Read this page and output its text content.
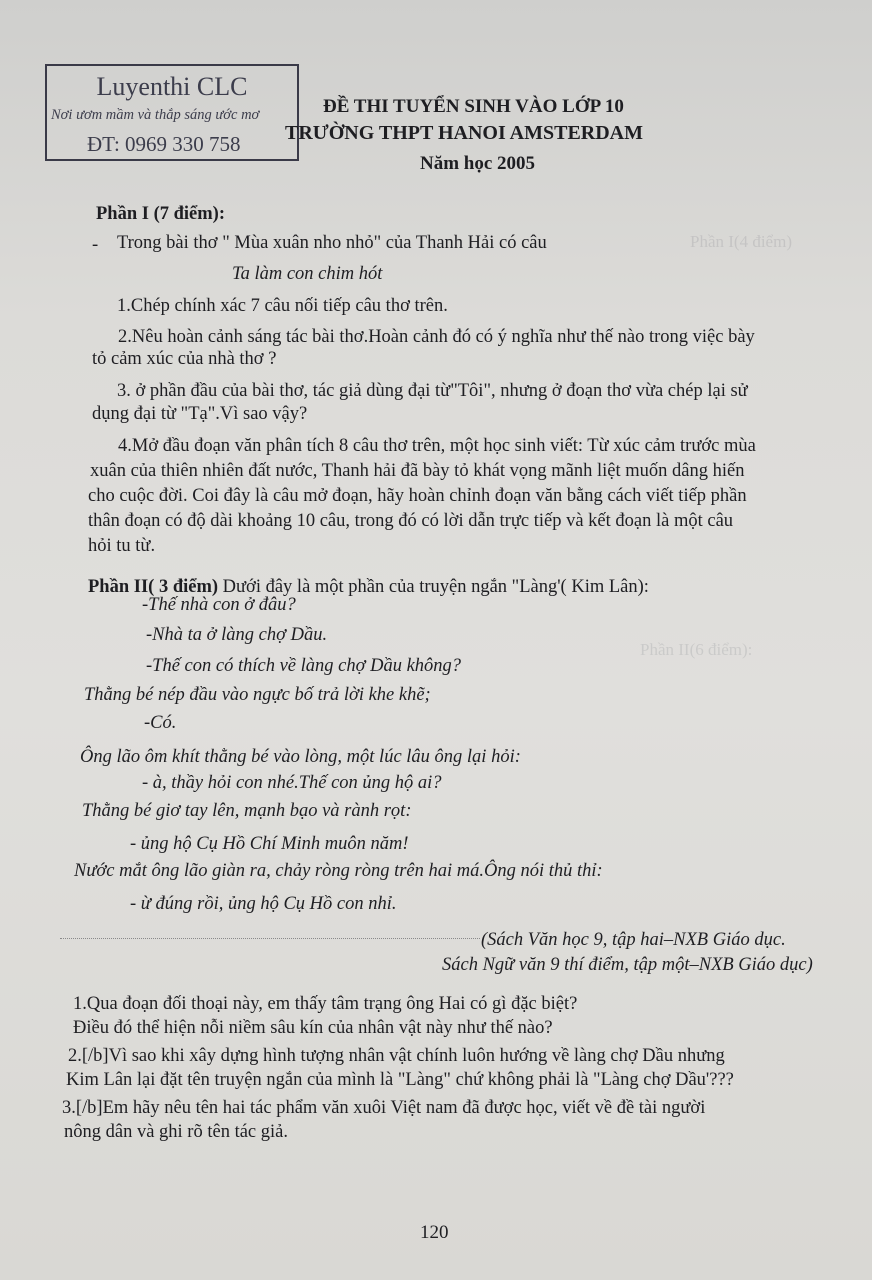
Phần I(4 điểm)
Phần II(6 điểm):
Luyenthi CLC
Nơi ươm mầm và thắp sáng ước mơ
ĐT: 0969 330 758
ĐỀ THI TUYỂN SINH VÀO LỚP 10
TRƯỜNG THPT HANOI AMSTERDAM
Năm học 2005
Phần I (7 điểm):
- Trong bài thơ " Mùa xuân nho nhỏ" của Thanh Hải có câu
Ta làm con chim hót
1.Chép chính xác 7 câu nối tiếp câu thơ trên.
2.Nêu hoàn cảnh sáng tác bài thơ.Hoàn cảnh đó có ý nghĩa như thế nào trong việc bày
tỏ cảm xúc của nhà thơ ?
3. ở phần đầu của bài thơ, tác giả dùng đại từ"Tôi", nhưng ở đoạn thơ vừa chép lại sử
dụng đại từ "Tạ".Vì sao vậy?
4.Mở đầu đoạn văn phân tích 8 câu thơ trên, một học sinh viết: Từ xúc cảm trước mùa
xuân của thiên nhiên đất nước, Thanh hải đã bày tỏ khát vọng mãnh liệt muốn dâng hiến
cho cuộc đời. Coi đây là câu mở đoạn, hãy hoàn chỉnh đoạn văn bằng cách viết tiếp phần
thân đoạn có độ dài khoảng 10 câu, trong đó có lời dẫn trực tiếp và kết đoạn là một câu
hỏi tu từ.
Phần II( 3 điểm) Dưới đây là một phần của truyện ngắn "Làng'( Kim Lân):
-Thế nhà con ở đâu?
-Nhà ta ở làng chợ Dầu.
-Thế con có thích về làng chợ Dầu không?
Thằng bé nép đầu vào ngực bố trả lời khe khẽ;
-Có.
Ông lão ôm khít thằng bé vào lòng, một lúc lâu ông lại hỏi:
- à, thầy hỏi con nhé.Thế con ủng hộ ai?
Thằng bé giơ tay lên, mạnh bạo và rành rọt:
- ủng hộ Cụ Hồ Chí Minh muôn năm!
Nước mắt ông lão giàn ra, chảy ròng ròng trên hai má.Ông nói thủ thỉ:
- ừ đúng rồi, ủng hộ Cụ Hồ con nhỉ.
(Sách Văn học 9, tập hai–NXB Giáo dục.
Sách Ngữ văn 9 thí điểm, tập một–NXB Giáo dục)
1.Qua đoạn đối thoại này, em thấy tâm trạng ông Hai có gì đặc biệt?
Điều đó thể hiện nỗi niềm sâu kín của nhân vật này như thế nào?
2.[/b]Vì sao khi xây dựng hình tượng nhân vật chính luôn hướng về làng chợ Dầu nhưng
Kim Lân lại đặt tên truyện ngắn của mình là "Làng" chứ không phải là "Làng chợ Dầu'???
3.[/b]Em hãy nêu tên hai tác phẩm văn xuôi Việt nam đã được học, viết về đề tài người
nông dân và ghi rõ tên tác giả.
120
